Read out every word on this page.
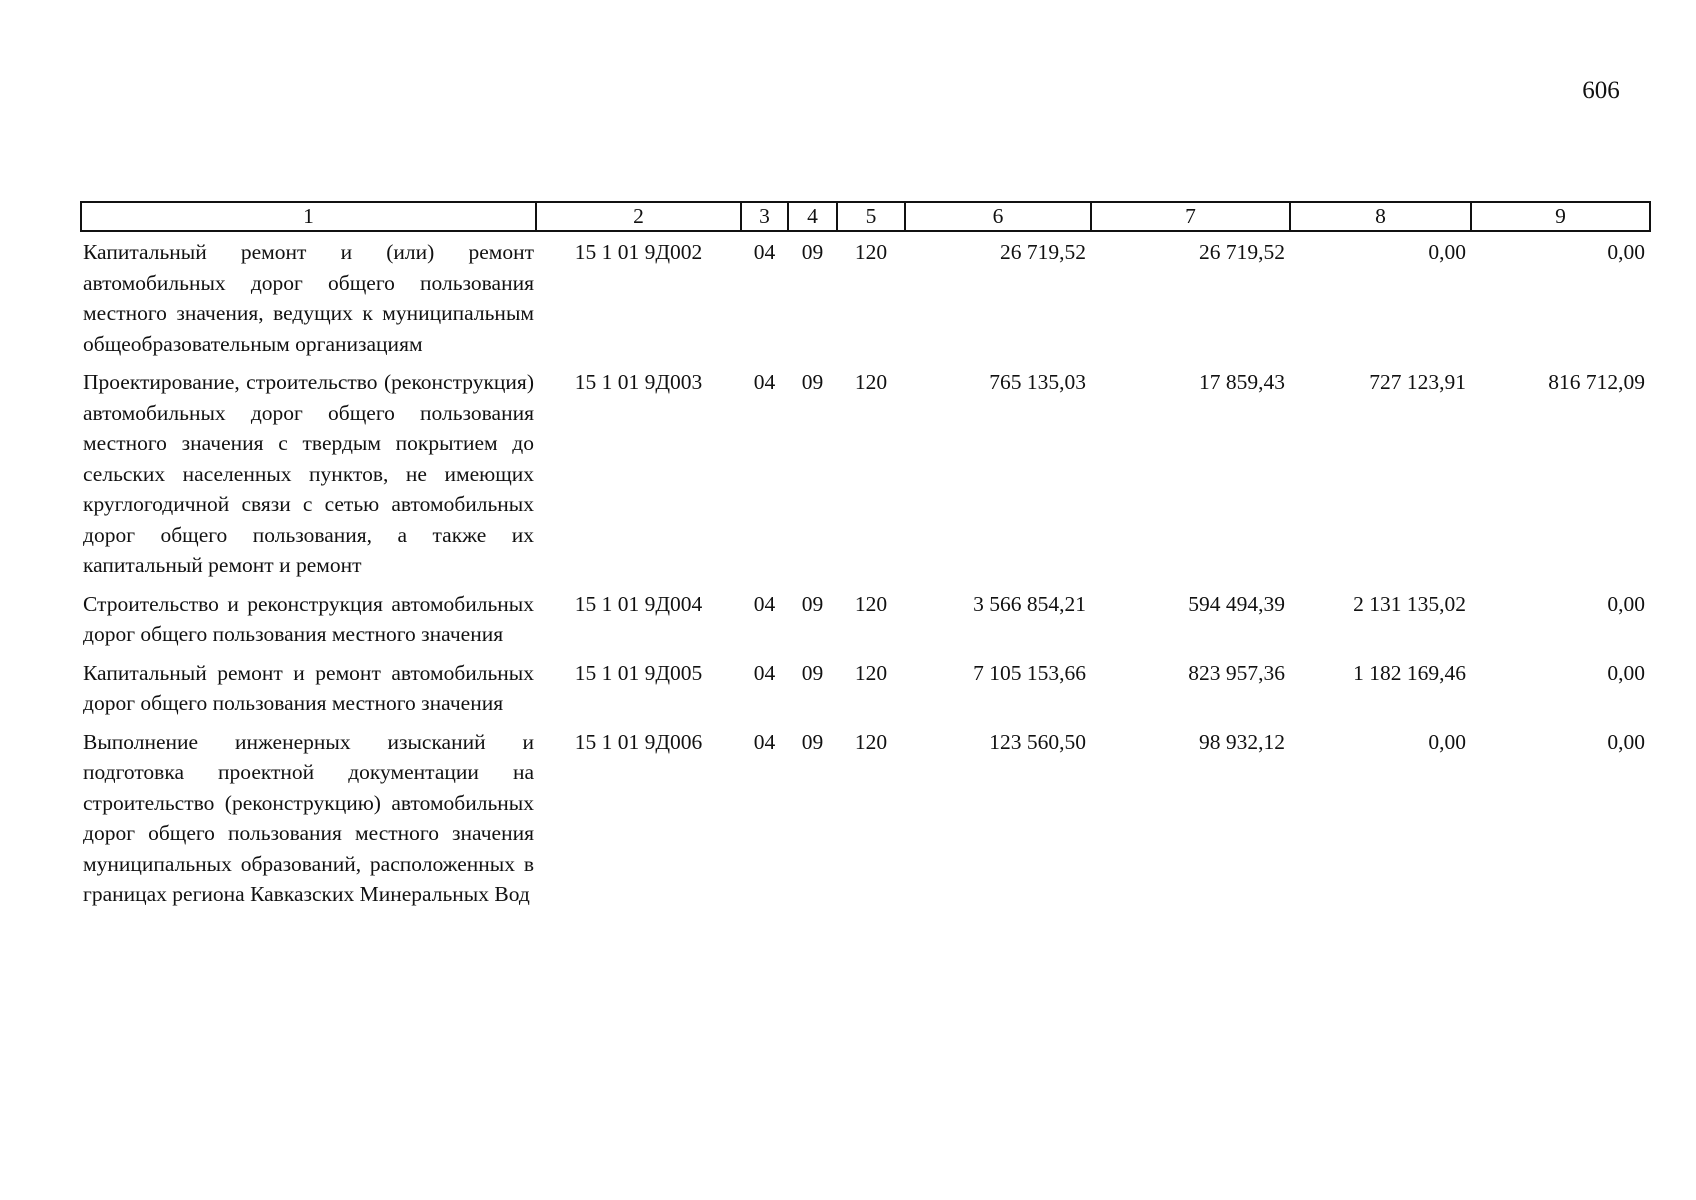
606
1	2	3	4	5	6	7	8	9
Капитальный ремонт и (или) ремонт автомобильных дорог общего пользования местного значения, ведущих к муниципальным общеобразовательным организациям	15 1 01 9Д002	04	09	120	26 719,52	26 719,52	0,00	0,00
Проектирование, строительство (реконструкция) автомобильных дорог общего пользования местного значения с твердым покрытием до сельских населенных пунктов, не имеющих круглогодичной связи с сетью автомобильных дорог общего пользования, а также их капитальный ремонт и ремонт	15 1 01 9Д003	04	09	120	765 135,03	17 859,43	727 123,91	816 712,09
Строительство и реконструкция автомобильных дорог общего пользования местного значения	15 1 01 9Д004	04	09	120	3 566 854,21	594 494,39	2 131 135,02	0,00
Капитальный ремонт и ремонт автомобильных дорог общего пользования местного значения	15 1 01 9Д005	04	09	120	7 105 153,66	823 957,36	1 182 169,46	0,00
Выполнение инженерных изысканий и подготовка проектной документации на строительство (реконструкцию) автомобильных дорог общего пользования местного значения муниципальных образований, расположенных в границах региона Кавказских Минеральных Вод	15 1 01 9Д006	04	09	120	123 560,50	98 932,12	0,00	0,00
